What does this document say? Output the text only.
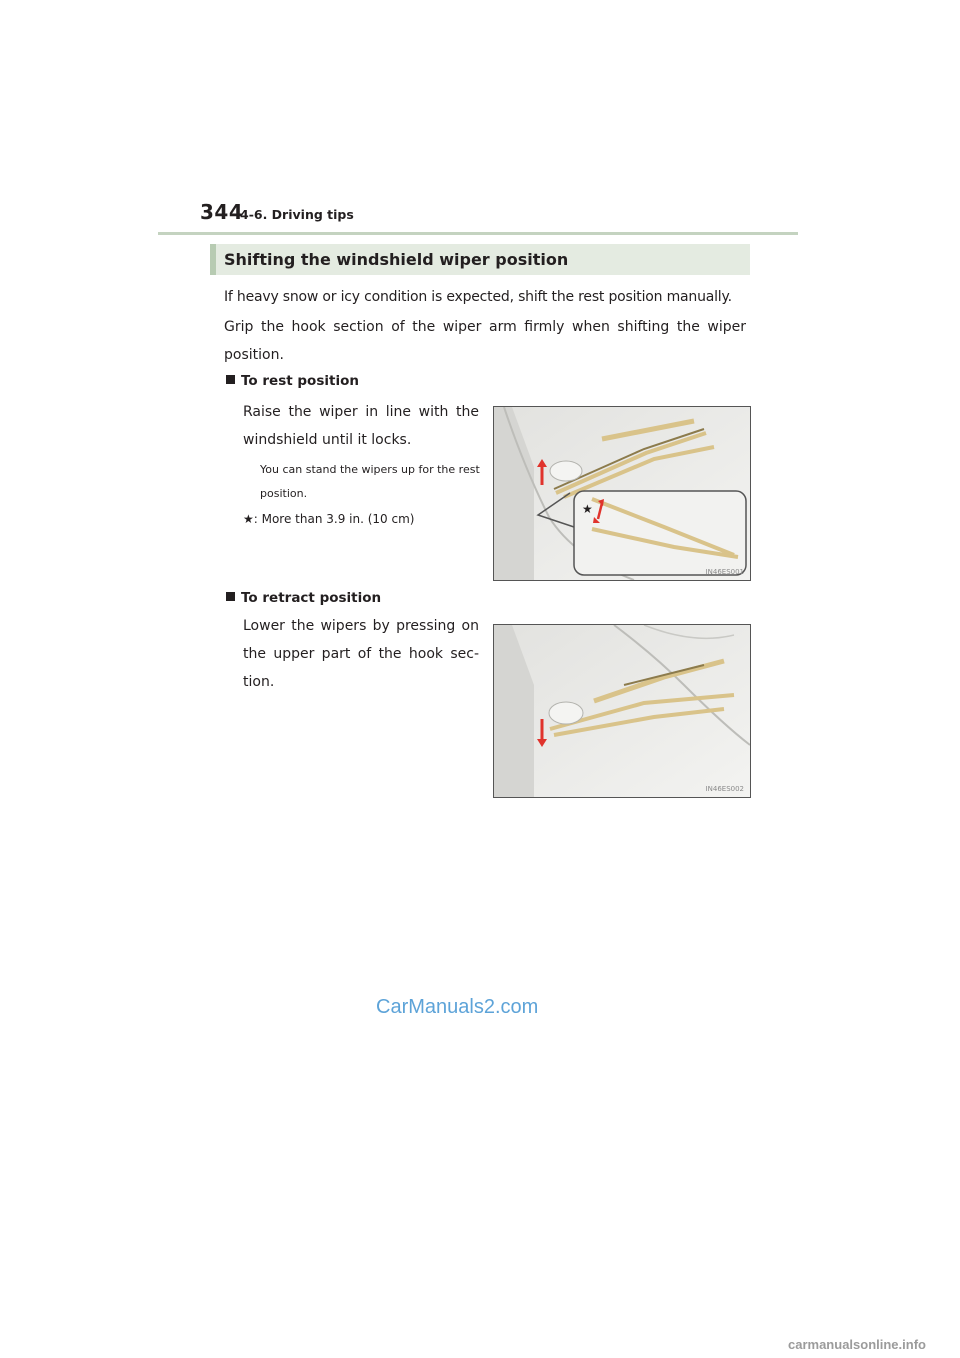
344
4-6. Driving tips
Shifting the windshield wiper position
If heavy snow or icy condition is expected, shift the rest position manually.
Grip the hook section of the wiper arm firmly when shifting the wiper position.
To rest position
Raise the wiper in line with the windshield until it locks.
You can stand the wipers up for the rest position.
★: More than 3.9 in. (10 cm)
★
IN46ES001
To retract position
Lower the wipers by pressing on the upper part of the hook sec-tion.
IN46ES002
CarManuals2.com
carmanualsonline.info
